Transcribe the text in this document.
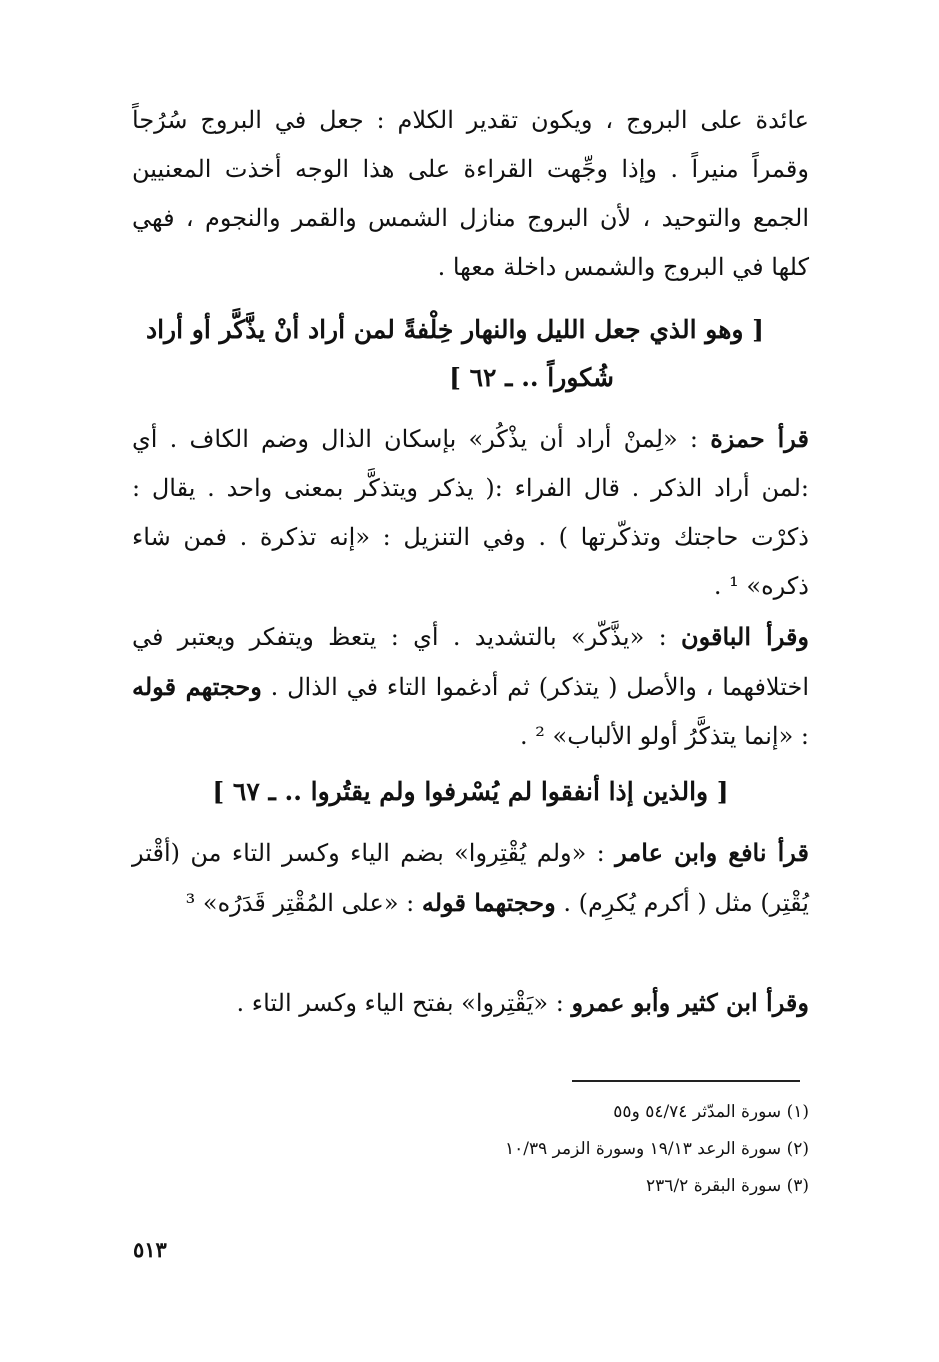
عائدة على البروج ، ويكون تقدير الكلام : جعل في البروج سُرُجاً وقمراً منيراً . وإذا وجِّهت القراءة على هذا الوجه أخذت المعنيين الجمع والتوحيد ، لأن البروج منازل الشمس والقمر والنجوم ، فهي كلها في البروج والشمس داخلة معها .

[ وهو الذي جعل الليل والنهار خِلْفةً لمن أراد أنْ يذَّكَّر أو أراد
شُكوراً .. ـ ٦٢ ]

قرأ حمزة : «لِمنْ أراد أن يذْكُر» بإسكان الذال وضم الكاف . أي :لمن أراد الذكر . قال الفراء :( يذكر ويتذكَّر بمعنى واحد . يقال : ذكرْت حاجتك وتذكّرتها ) . وفي التنزيل : «إنه تذكرة . فمن شاء ذكره» ¹ .

وقرأ الباقون : «يذَّكّر» بالتشديد . أي : يتعظ ويتفكر ويعتبر في اختلافهما ، والأصل ( يتذكر) ثم أدغموا التاء في الذال . وحجتهم قوله : «إنما يتذكَّرُ أولو الألباب» ² .

[ والذين إذا أنفقوا لم يُسْرفوا ولم يقتُروا .. ـ ٦٧ ]

قرأ نافع وابن عامر : «ولم يُقْتِروا» بضم الياء وكسر التاء من (أقْتر يُقْتِر) مثل ( أكرم يُكرِم) . وحجتهما قوله : «على المُقْتِر قَدَرُه» ³

وقرأ ابن كثير وأبو عمرو : «يَقْتِروا» بفتح الياء وكسر التاء .

(١) سورة المدّثر ٥٤/٧٤ و٥٥
(٢) سورة الرعد ١٩/١٣ وسورة الزمر ١٠/٣٩
(٣) سورة البقرة ٢٣٦/٢
٥١٣
